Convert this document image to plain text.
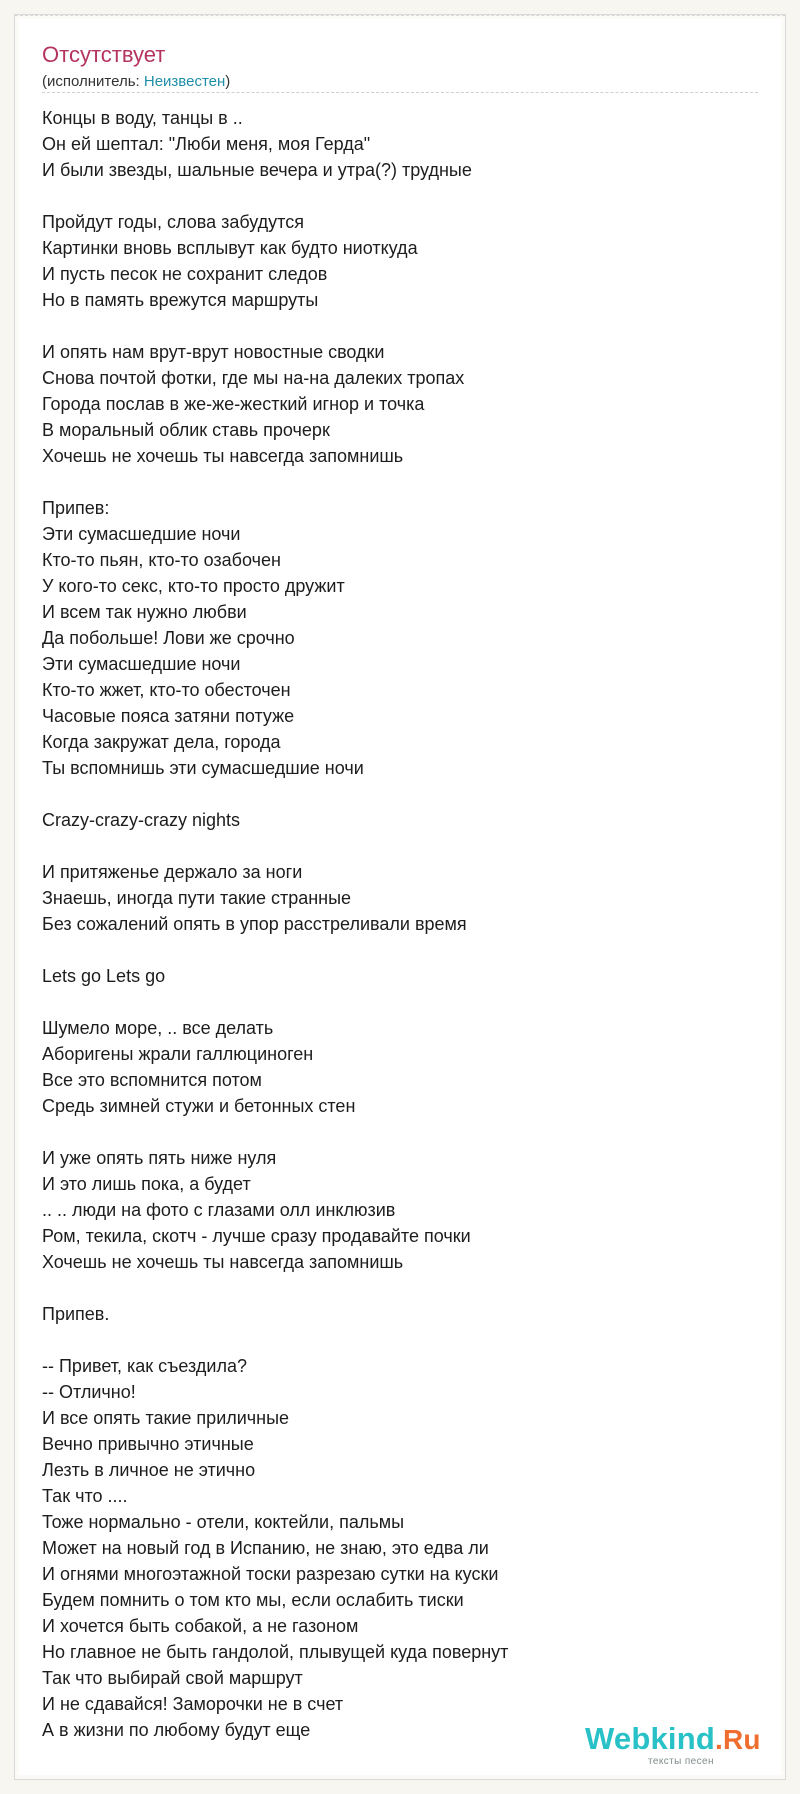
Отсутствует
(исполнитель: Неизвестен)
Концы в воду, танцы в ..
Он ей шептал: "Люби меня, моя Герда"
И были звезды, шальные вечера и утра(?) трудные
Пройдут годы, слова забудутся
Картинки вновь всплывут как будто ниоткуда
И пусть песок не сохранит следов
Но в память врежутся маршруты
И опять нам врут-врут новостные сводки
Снова почтой фотки, где мы на-на далеких тропах
Города послав в же-же-жесткий игнор и точка
В моральный облик ставь прочерк
Хочешь не хочешь ты навсегда запомнишь
Припев:
Эти сумасшедшие ночи
Кто-то пьян, кто-то озабочен
У кого-то секс, кто-то просто дружит
И всем так нужно любви
Да побольше! Лови же срочно
Эти сумасшедшие ночи
Кто-то жжет, кто-то обесточен
Часовые пояса затяни потуже
Когда закружат дела, города
Ты вспомнишь эти сумасшедшие ночи
Crazy-crazy-crazy nights
И притяженье держало за ноги
Знаешь, иногда пути такие странные
Без сожалений опять в упор расстреливали время
Lets go Lets go
Шумело море, .. все делать
Аборигены жрали галлюциноген
Все это вспомнится потом
Средь зимней стужи и бетонных стен
И уже опять пять ниже нуля
И это лишь пока, а будет
.. .. люди на фото с глазами олл инклюзив
Ром, текила, скотч - лучше сразу продавайте почки
Хочешь не хочешь ты навсегда запомнишь
Припев.
-- Привет, как съездила?
-- Отлично!
И все опять такие приличные
Вечно привычно этичные
Лезть в личное не этично
Так что ....
Тоже нормально - отели, коктейли, пальмы
Может на новый год в Испанию, не знаю, это едва ли
И огнями многоэтажной тоски разрезаю сутки на куски
Будем помнить о том кто мы, если ослабить тиски
И хочется быть собакой, а не газоном
Но главное не быть гандолой, плывущей куда повернут
Так что выбирай свой маршрут
И не сдавайся! Заморочки не в счет
А в жизни по любому будут еще	Webkind.Ru
тексты песен
